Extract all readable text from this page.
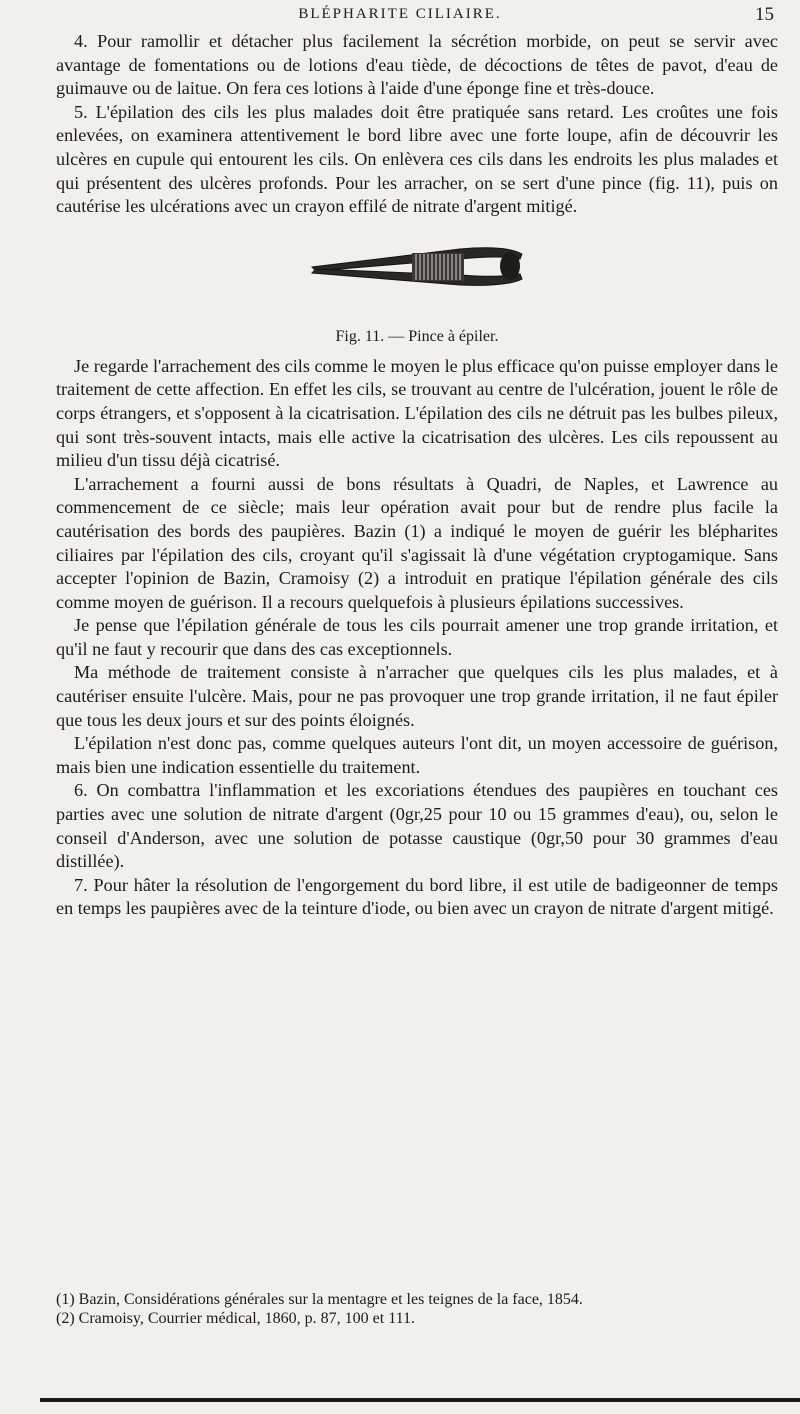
BLÉPHARITE CILIAIRE.	15

4. Pour ramollir et détacher plus facilement la sécrétion morbide, on peut se servir avec avantage de fomentations ou de lotions d'eau tiède, de décoctions de têtes de pavot, d'eau de guimauve ou de laitue. On fera ces lotions à l'aide d'une éponge fine et très-douce.

5. L'épilation des cils les plus malades doit être pratiquée sans retard. Les croûtes une fois enlevées, on examinera attentivement le bord libre avec une forte loupe, afin de découvrir les ulcères en cupule qui entourent les cils. On enlèvera ces cils dans les endroits les plus malades et qui présentent des ulcères profonds. Pour les arracher, on se sert d'une pince (fig. 11), puis on cautérise les ulcérations avec un crayon effilé de nitrate d'argent mitigé.

Fig. 11. — Pince à épiler.

Je regarde l'arrachement des cils comme le moyen le plus efficace qu'on puisse employer dans le traitement de cette affection. En effet les cils, se trouvant au centre de l'ulcération, jouent le rôle de corps étrangers, et s'opposent à la cicatrisation. L'épilation des cils ne détruit pas les bulbes pileux, qui sont très-souvent intacts, mais elle active la cicatrisation des ulcères. Les cils repoussent au milieu d'un tissu déjà cicatrisé.

L'arrachement a fourni aussi de bons résultats à Quadri, de Naples, et Lawrence au commencement de ce siècle; mais leur opération avait pour but de rendre plus facile la cautérisation des bords des paupières. Bazin (1) a indiqué le moyen de guérir les blépharites ciliaires par l'épilation des cils, croyant qu'il s'agissait là d'une végétation cryptogamique. Sans accepter l'opinion de Bazin, Cramoisy (2) a introduit en pratique l'épilation générale des cils comme moyen de guérison. Il a recours quelquefois à plusieurs épilations successives.

Je pense que l'épilation générale de tous les cils pourrait amener une trop grande irritation, et qu'il ne faut y recourir que dans des cas exceptionnels.

Ma méthode de traitement consiste à n'arracher que quelques cils les plus malades, et à cautériser ensuite l'ulcère. Mais, pour ne pas provoquer une trop grande irritation, il ne faut épiler que tous les deux jours et sur des points éloignés.

L'épilation n'est donc pas, comme quelques auteurs l'ont dit, un moyen accessoire de guérison, mais bien une indication essentielle du traitement.

6. On combattra l'inflammation et les excoriations étendues des paupières en touchant ces parties avec une solution de nitrate d'argent (0gr,25 pour 10 ou 15 grammes d'eau), ou, selon le conseil d'Anderson, avec une solution de potasse caustique (0gr,50 pour 30 grammes d'eau distillée).

7. Pour hâter la résolution de l'engorgement du bord libre, il est utile de badigeonner de temps en temps les paupières avec de la teinture d'iode, ou bien avec un crayon de nitrate d'argent mitigé.

(1) Bazin, Considérations générales sur la mentagre et les teignes de la face, 1854.

(2) Cramoisy, Courrier médical, 1860, p. 87, 100 et 111.
